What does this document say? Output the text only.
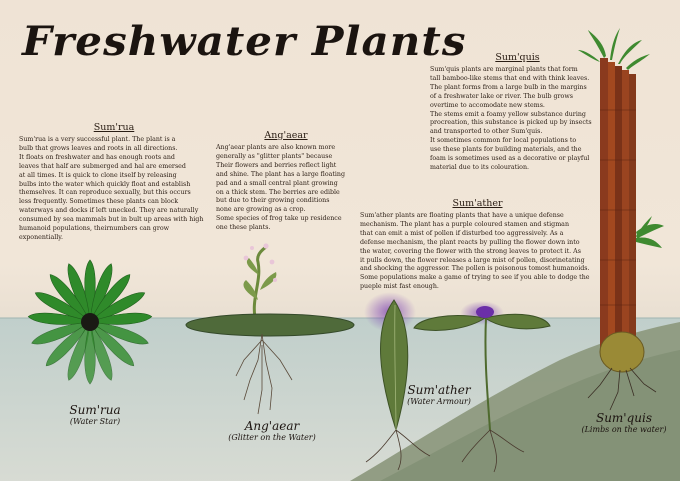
Freshwater Plants
Sum'rua

Sum'rua is a very successful plant. The plant is a
bulb that grows leaves and roots in all directions.
It floats on freshwater and has enough roots and
leaves that half are submerged and hal are emersed
at all times. It is quick to clone itself by releasing
bulbs into the water which quickly float and establish
themselves. It can reproduce sexually, but this occurs
less frequently. Sometimes these plants can block
waterways and docks if left unecked. They are naturally
consumed by sea mammals but in bult up areas with high
humanoid populations, theirnumbers can grow
exponentially.

Ang'aear

Ang'aear plants are also known more
generally as "glitter plants" because
Their flowers and berries reflect light
and shine. The plant has a large floating
pad and a small central plant growing
on a thick stem. The berries are edible
but due to their growing conditions
none are growing as a crop.
Some species of frog take up residence
one these plants.

Sum'quis

Sum'quis plants are marginal plants that form
tall bamboo-like stems that end with think leaves.
The plant forms from a large bulb in the margins
of a freshwater lake or river. The bulb grows
overtime to accomodate new stems.
The stems emit a foamy yellow substance during
procreation, this substance is picked up by insects
and transported to other Sum'quis.
It sometimes common for local populations to
use these plants for building materials, and the
foam is sometimes used as a decorative or playful
material due to its colouration.

Sum'ather

Sum'ather plants are floating plants that have a unique defense
mechanism. The plant has a purple coloured stamen and stigman
that can emit a mist of pollen if disturbed too aggressively. As a
defense mechanism, the plant reacts by pulling the flower down into
the water, covering the flower with the strong leaves to protect it. As
it pulls down, the flower releases a large mist of pollen, disorinetating
and shocking the aggressor. The pollen is poisonous tomost humanoids.
Some populations make a game of trying to see if you able to dodge the
pueple mist fast enough.

Sum'rua
(Water Star)	Ang'aear
(Glitter on the Water)
Sum'ather
(Water Armour)
Sum'quis
(Limbs on the water)
